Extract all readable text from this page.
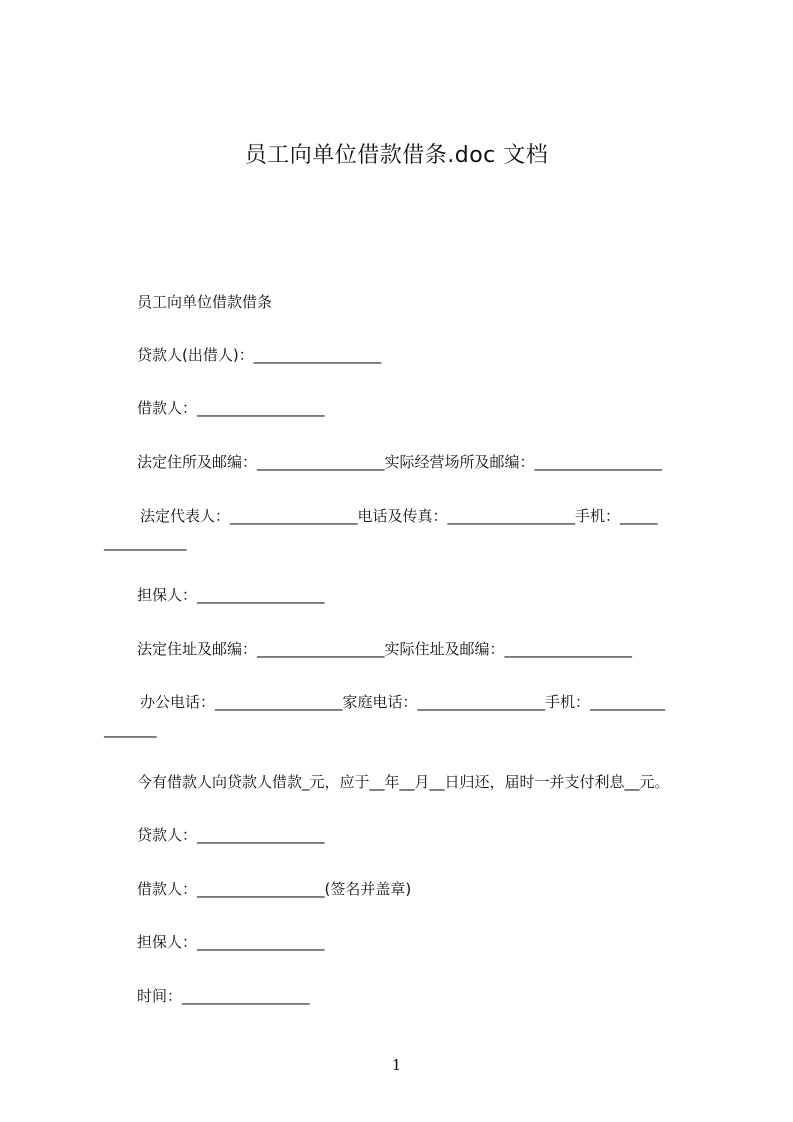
员工向单位借款借条.doc 文档
员工向单位借款借条
贷款人(出借人)：_________________
借款人：_________________
法定住所及邮编：_________________实际经营场所及邮编：_________________
法定代表人：_________________电话及传真：_________________手机：_____
___________
担保人：_________________
法定住址及邮编：_________________实际住址及邮编：_________________
办公电话：_________________家庭电话：_________________手机：__________
_______
今有借款人向贷款人借款_元，应于__年__月__日归还，届时一并支付利息__元。
贷款人：_________________
借款人：_________________(签名并盖章)
担保人：_________________
时间：_________________
1
